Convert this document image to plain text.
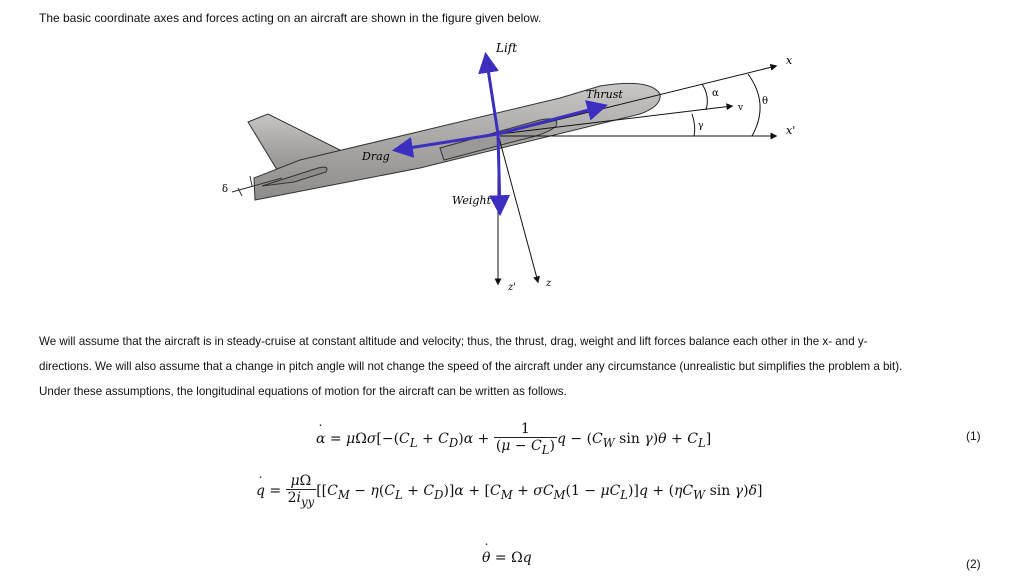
The basic coordinate axes and forces acting on an aircraft are shown in the figure given below.
Lift
Thrust
Drag
Weight
x
x'
z'	z
α
v
θ
γ
δ

We will assume that the aircraft is in steady-cruise at constant altitude and velocity; thus, the thrust, drag, weight and lift forces balance each other in the x- and y-

directions. We will also assume that a change in pitch angle will not change the speed of the aircraft under any circumstance (unrealistic but simplifies the problem a bit).

Under these assumptions, the longitudinal equations of motion for the aircraft can be written as follows.

α ˙ = $\mu\Omega\sigma[-(C_L + C_D)\alpha + \frac{1}{(\mu - C_L)}$ $q - (C_W$ $\sin \gamma)\theta + C_L$]	(1)
q ˙ = $\frac{\mu\Omega}{2i_{yy}} [[C_M - \eta(C_L + C_D)]\alpha + [C_M + \sigma C_M(1 - \mu C_L)]q + (\eta C_W$ sin γ)δ]
θ ˙ = Ωq	(2)
